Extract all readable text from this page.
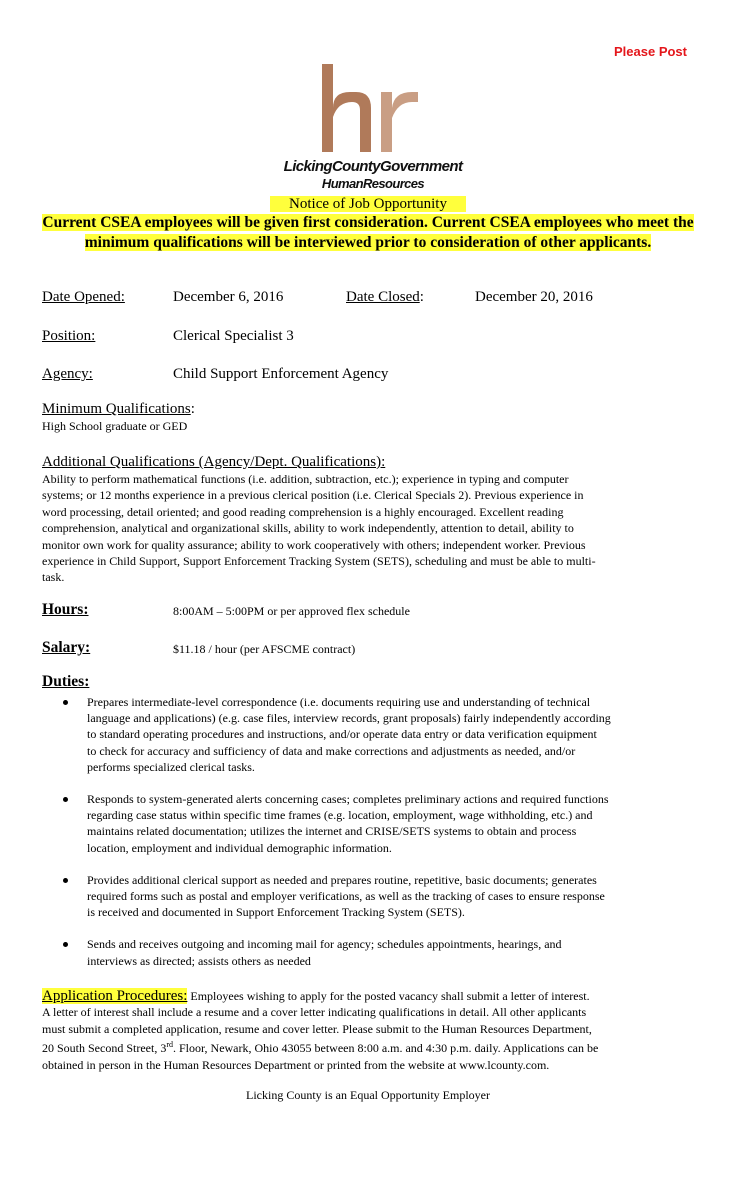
Please Post
LickingCountyGovernment
HumanResources
Notice of Job Opportunity
Current CSEA employees will be given first consideration. Current CSEA employees who meet the minimum qualifications will be interviewed prior to consideration of other applicants.
Date Opened:	December 6, 2016	Date Closed:	December 20, 2016
Position:	Clerical Specialist 3
Agency:	Child Support Enforcement Agency
Minimum Qualifications:
High School graduate or GED
Additional Qualifications (Agency/Dept. Qualifications):
Ability to perform mathematical functions (i.e. addition, subtraction, etc.); experience in typing and computer
systems; or 12 months experience in a previous clerical position (i.e. Clerical Specials 2). Previous experience in
word processing, detail oriented; and good reading comprehension is a highly encouraged. Excellent reading
comprehension, analytical and organizational skills, ability to work independently, attention to detail, ability to
monitor own work for quality assurance; ability to work cooperatively with others; independent worker. Previous
experience in Child Support, Support Enforcement Tracking System (SETS), scheduling and must be able to multi-
task.
Hours:	8:00AM – 5:00PM or per approved flex schedule
Salary:	$11.18 / hour (per AFSCME contract)
Duties:
Prepares intermediate-level correspondence (i.e. documents requiring use and understanding of technical
language and applications) (e.g. case files, interview records, grant proposals) fairly independently according
to standard operating procedures and instructions, and/or operate data entry or data verification equipment
to check for accuracy and sufficiency of data and make corrections and adjustments as needed, and/or
performs specialized clerical tasks.
Responds to system-generated alerts concerning cases; completes preliminary actions and required functions
regarding case status within specific time frames (e.g. location, employment, wage withholding, etc.) and
maintains related documentation; utilizes the internet and CRISE/SETS systems to obtain and process
location, employment and individual demographic information.
Provides additional clerical support as needed and prepares routine, repetitive, basic documents; generates
required forms such as postal and employer verifications, as well as the tracking of cases to ensure response
is received and documented in Support Enforcement Tracking System (SETS).
Sends and receives outgoing and incoming mail for agency; schedules appointments, hearings, and
interviews as directed; assists others as needed
Application Procedures: Employees wishing to apply for the posted vacancy shall submit a letter of interest.
A letter of interest shall include a resume and a cover letter indicating qualifications in detail. All other applicants
must submit a completed application, resume and cover letter. Please submit to the Human Resources Department,
20 South Second Street, 3rd. Floor, Newark, Ohio 43055 between 8:00 a.m. and 4:30 p.m. daily. Applications can be
obtained in person in the Human Resources Department or printed from the website at www.lcounty.com.
Licking County is an Equal Opportunity Employer
